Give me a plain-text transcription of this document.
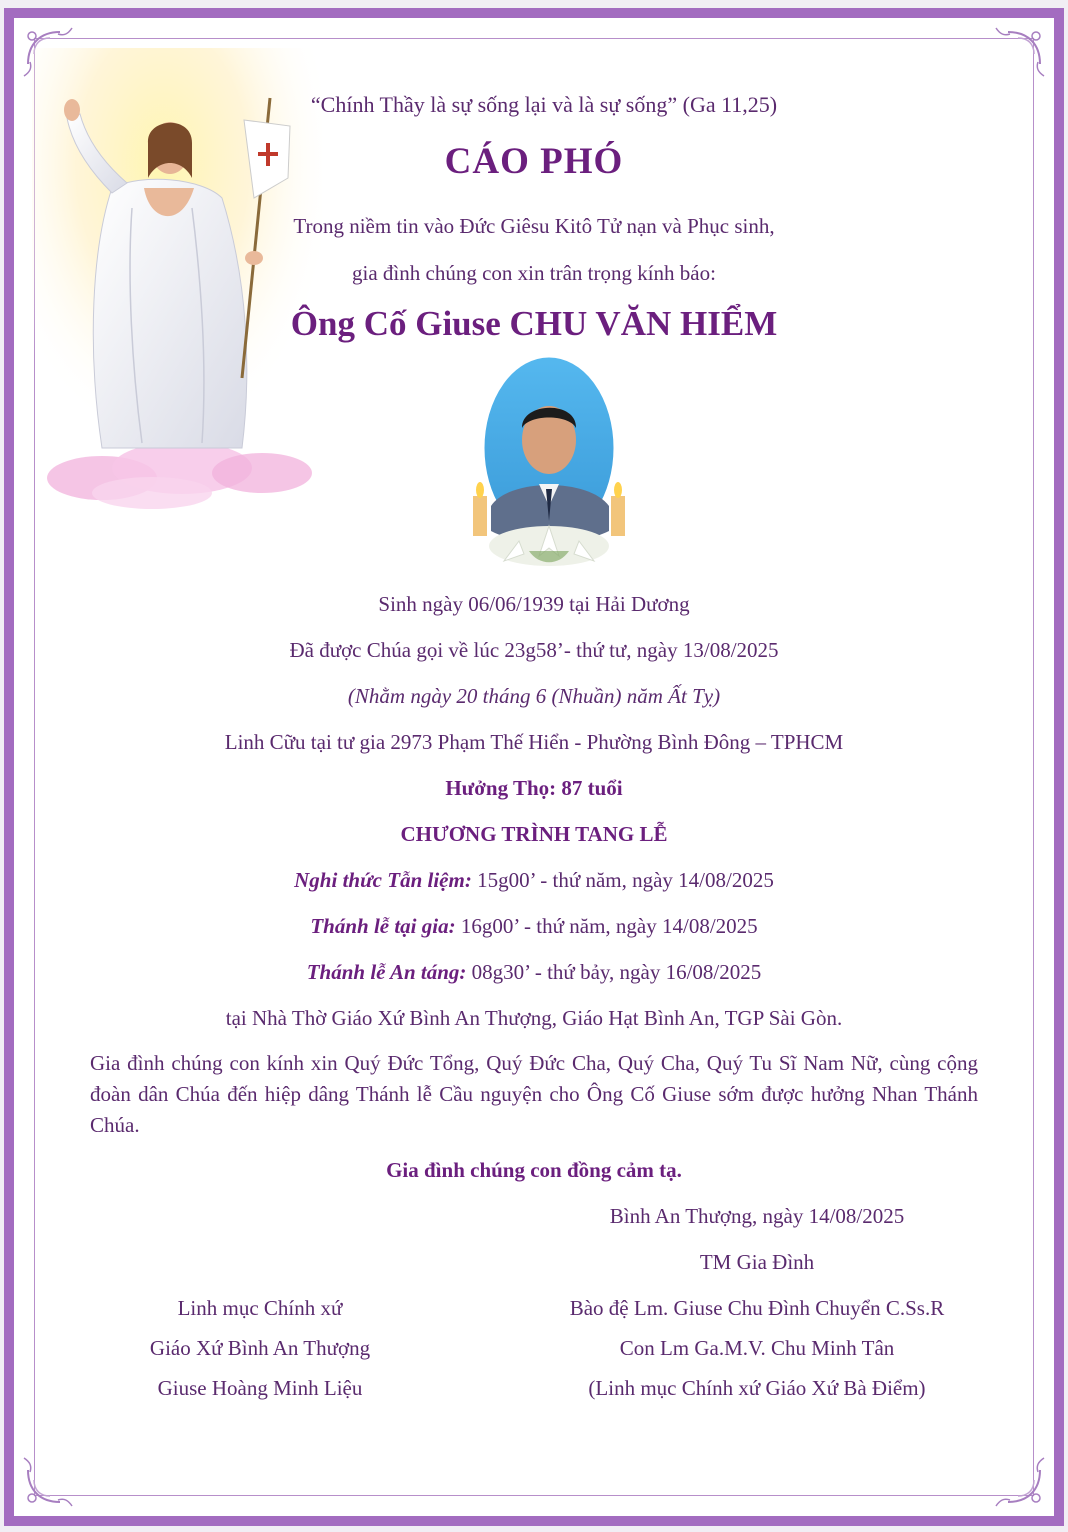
“Chính Thầy là sự sống lại và là sự sống” (Ga 11,25)
CÁO PHÓ
Trong niềm tin vào Đức Giêsu Kitô Tử nạn và Phục sinh,
gia đình chúng con xin trân trọng kính báo:
Ông Cố Giuse CHU VĂN HIỂM
Sinh ngày 06/06/1939 tại Hải Dương
Đã được Chúa gọi về lúc 23g58’- thứ tư, ngày 13/08/2025
(Nhằm ngày 20 tháng 6 (Nhuần) năm Ất Tỵ)
Linh Cữu tại tư gia 2973 Phạm Thế Hiển - Phường Bình Đông – TPHCM
Hưởng Thọ: 87 tuổi
CHƯƠNG TRÌNH TANG LỄ
Nghi thức Tẫn liệm: 15g00’ - thứ năm, ngày 14/08/2025
Thánh lễ tại gia: 16g00’ - thứ năm, ngày 14/08/2025
Thánh lễ An táng: 08g30’ - thứ bảy, ngày 16/08/2025
tại Nhà Thờ Giáo Xứ Bình An Thượng, Giáo Hạt Bình An, TGP Sài Gòn.
Gia đình chúng con kính xin Quý Đức Tổng, Quý Đức Cha, Quý Cha, Quý Tu Sĩ Nam Nữ, cùng cộng đoàn dân Chúa đến hiệp dâng Thánh lễ Cầu nguyện cho Ông Cố Giuse sớm được hưởng Nhan Thánh Chúa.
Gia đình chúng con đồng cảm tạ.
Linh mục Chính xứ
Giáo Xứ Bình An Thượng
Giuse Hoàng Minh Liệu
Bình An Thượng, ngày 14/08/2025
TM Gia Đình
Bào đệ Lm. Giuse Chu Đình Chuyển C.Ss.R
Con Lm Ga.M.V. Chu Minh Tân
(Linh mục Chính xứ Giáo Xứ Bà Điểm)
